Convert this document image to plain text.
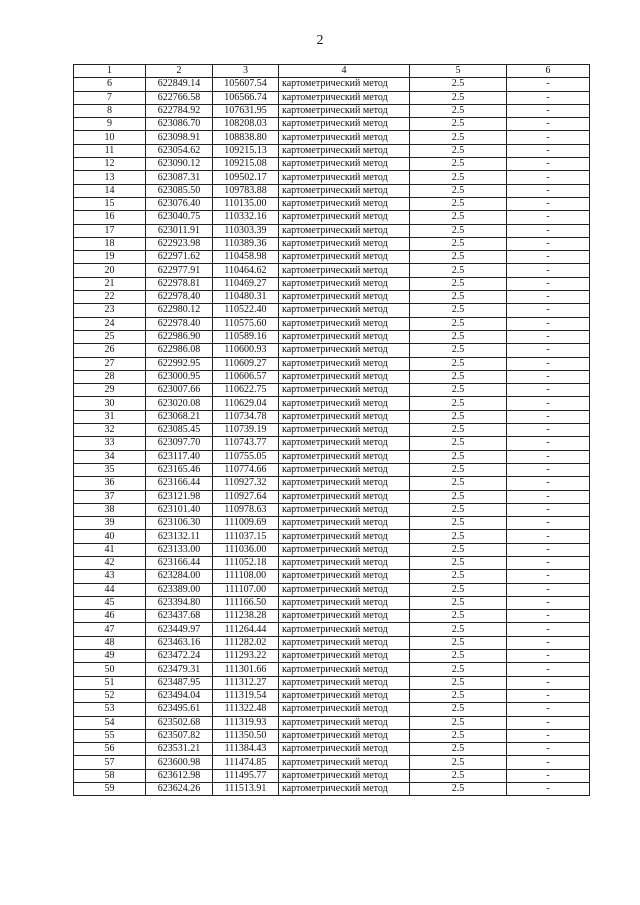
2
1	2	3	4	5	6
6	622849.14	105607.54	картометрический метод	2.5	-
7	622766.58	106566.74	картометрический метод	2.5	-
8	622784.92	107631.95	картометрический метод	2.5	-
9	623086.70	108208.03	картометрический метод	2.5	-
10	623098.91	108838.80	картометрический метод	2.5	-
11	623054.62	109215.13	картометрический метод	2.5	-
12	623090.12	109215.08	картометрический метод	2.5	-
13	623087.31	109502.17	картометрический метод	2.5	-
14	623085.50	109783.88	картометрический метод	2.5	-
15	623076.40	110135.00	картометрический метод	2.5	-
16	623040.75	110332.16	картометрический метод	2.5	-
17	623011.91	110303.39	картометрический метод	2.5	-
18	622923.98	110389.36	картометрический метод	2.5	-
19	622971.62	110458.98	картометрический метод	2.5	-
20	622977.91	110464.62	картометрический метод	2.5	-
21	622978.81	110469.27	картометрический метод	2.5	-
22	622978.40	110480.31	картометрический метод	2.5	-
23	622980.12	110522.40	картометрический метод	2.5	-
24	622978.40	110575.60	картометрический метод	2.5	-
25	622986.90	110589.16	картометрический метод	2.5	-
26	622986.08	110600.93	картометрический метод	2.5	-
27	622992.95	110609.27	картометрический метод	2.5	-
28	623000.95	110606.57	картометрический метод	2.5	-
29	623007.66	110622.75	картометрический метод	2.5	-
30	623020.08	110629.04	картометрический метод	2.5	-
31	623068.21	110734.78	картометрический метод	2.5	-
32	623085.45	110739.19	картометрический метод	2.5	-
33	623097.70	110743.77	картометрический метод	2.5	-
34	623117.40	110755.05	картометрический метод	2.5	-
35	623165.46	110774.66	картометрический метод	2.5	-
36	623166.44	110927.32	картометрический метод	2.5	-
37	623121.98	110927.64	картометрический метод	2.5	-
38	623101.40	110978.63	картометрический метод	2.5	-
39	623106.30	111009.69	картометрический метод	2.5	-
40	623132.11	111037.15	картометрический метод	2.5	-
41	623133.00	111036.00	картометрический метод	2.5	-
42	623166.44	111052.18	картометрический метод	2.5	-
43	623284.00	111108.00	картометрический метод	2.5	-
44	623389.00	111107.00	картометрический метод	2.5	-
45	623394.80	111166.50	картометрический метод	2.5	-
46	623437.68	111238.28	картометрический метод	2.5	-
47	623449.97	111264.44	картометрический метод	2.5	-
48	623463.16	111282.02	картометрический метод	2.5	-
49	623472.24	111293.22	картометрический метод	2.5	-
50	623479.31	111301.66	картометрический метод	2.5	-
51	623487.95	111312.27	картометрический метод	2.5	-
52	623494.04	111319.54	картометрический метод	2.5	-
53	623495.61	111322.48	картометрический метод	2.5	-
54	623502.68	111319.93	картометрический метод	2.5	-
55	623507.82	111350.50	картометрический метод	2.5	-
56	623531.21	111384.43	картометрический метод	2.5	-
57	623600.98	111474.85	картометрический метод	2.5	-
58	623612.98	111495.77	картометрический метод	2.5	-
59	623624.26	111513.91	картометрический метод	2.5	-
